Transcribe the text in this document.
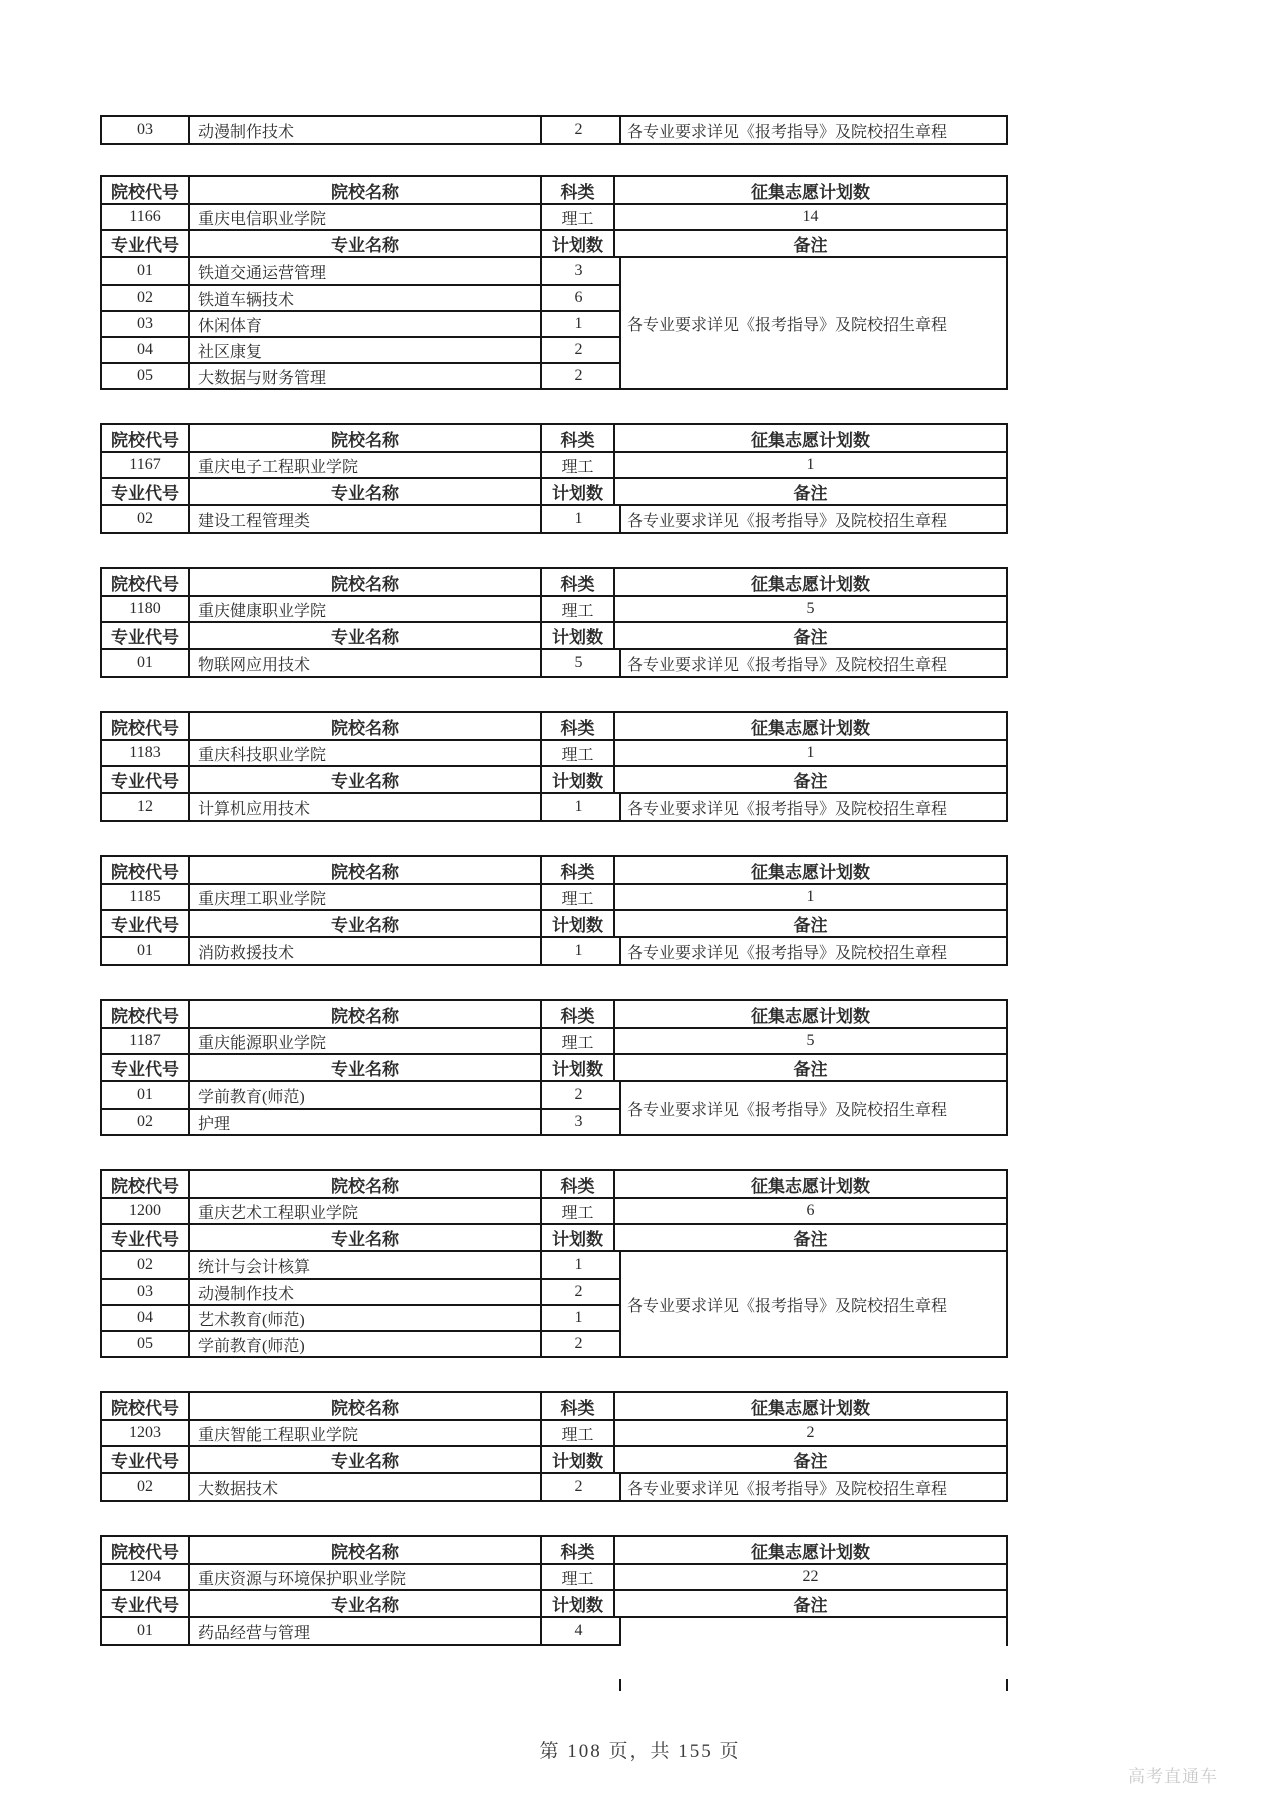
03	动漫制作技术	2	各专业要求详见《报考指导》及院校招生章程
院校代号	院校名称	科类	征集志愿计划数
1166	重庆电信职业学院	理工	14
专业代号	专业名称	计划数	备注
01	铁道交通运营管理	3
02	铁道车辆技术	6
03	休闲体育	1
04	社区康复	2
05	大数据与财务管理	2
各专业要求详见《报考指导》及院校招生章程
院校代号	院校名称	科类	征集志愿计划数
1167	重庆电子工程职业学院	理工	1
专业代号	专业名称	计划数	备注
02	建设工程管理类	1	各专业要求详见《报考指导》及院校招生章程
院校代号	院校名称	科类	征集志愿计划数
1180	重庆健康职业学院	理工	5
专业代号	专业名称	计划数	备注
01	物联网应用技术	5	各专业要求详见《报考指导》及院校招生章程
院校代号	院校名称	科类	征集志愿计划数
1183	重庆科技职业学院	理工	1
专业代号	专业名称	计划数	备注
12	计算机应用技术	1	各专业要求详见《报考指导》及院校招生章程
院校代号	院校名称	科类	征集志愿计划数
1185	重庆理工职业学院	理工	1
专业代号	专业名称	计划数	备注
01	消防救援技术	1	各专业要求详见《报考指导》及院校招生章程
院校代号	院校名称	科类	征集志愿计划数
1187	重庆能源职业学院	理工	5
专业代号	专业名称	计划数	备注
01	学前教育(师范)	2
02	护理	3
各专业要求详见《报考指导》及院校招生章程
院校代号	院校名称	科类	征集志愿计划数
1200	重庆艺术工程职业学院	理工	6
专业代号	专业名称	计划数	备注
02	统计与会计核算	1
03	动漫制作技术	2
04	艺术教育(师范)	1
05	学前教育(师范)	2
各专业要求详见《报考指导》及院校招生章程
院校代号	院校名称	科类	征集志愿计划数
1203	重庆智能工程职业学院	理工	2
专业代号	专业名称	计划数	备注
02	大数据技术	2	各专业要求详见《报考指导》及院校招生章程
院校代号	院校名称	科类	征集志愿计划数
1204	重庆资源与环境保护职业学院	理工	22
专业代号	专业名称	计划数	备注
01	药品经营与管理	4
第 108 页，共 155 页
高考直通车
